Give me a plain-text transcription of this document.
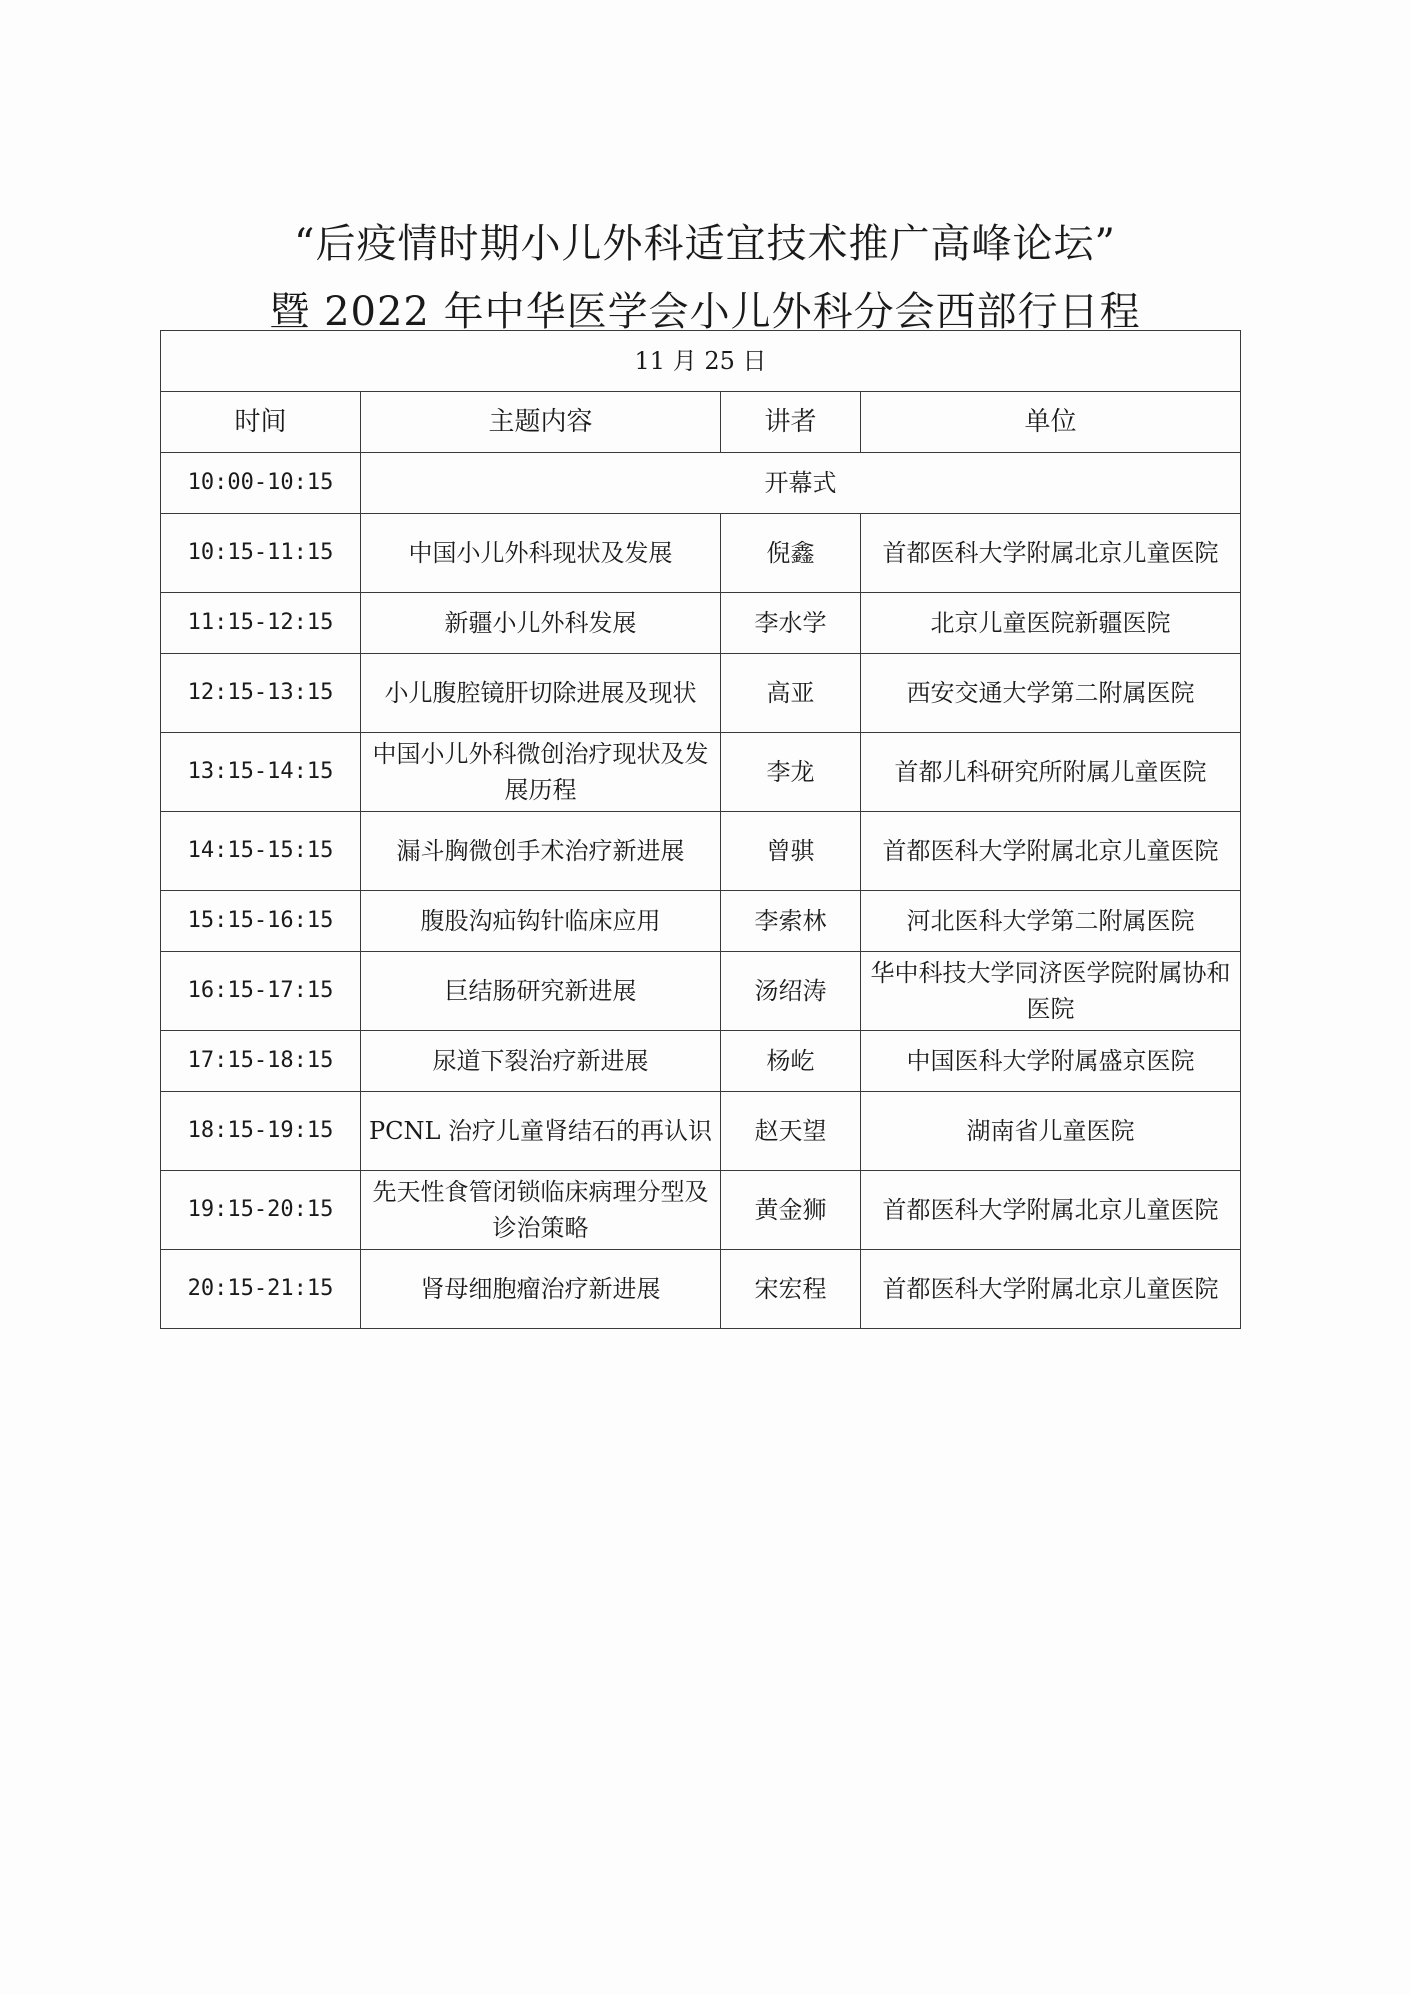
“后疫情时期小儿外科适宜技术推广高峰论坛”
暨 2022 年中华医学会小儿外科分会西部行日程
11 月 25 日			
时间	主题内容	讲者	单位
10:00-10:15	开幕式		
10:15-11:15	中国小儿外科现状及发展	倪鑫	首都医科大学附属北京儿童医院
11:15-12:15	新疆小儿外科发展	李水学	北京儿童医院新疆医院
12:15-13:15	小儿腹腔镜肝切除进展及现状	高亚	西安交通大学第二附属医院
13:15-14:15	中国小儿外科微创治疗现状及发展历程	李龙	首都儿科研究所附属儿童医院
14:15-15:15	漏斗胸微创手术治疗新进展	曾骐	首都医科大学附属北京儿童医院
15:15-16:15	腹股沟疝钩针临床应用	李索林	河北医科大学第二附属医院
16:15-17:15	巨结肠研究新进展	汤绍涛	华中科技大学同济医学院附属协和医院
17:15-18:15	尿道下裂治疗新进展	杨屹	中国医科大学附属盛京医院
18:15-19:15	PCNL 治疗儿童肾结石的再认识	赵天望	湖南省儿童医院
19:15-20:15	先天性食管闭锁临床病理分型及诊治策略	黄金狮	首都医科大学附属北京儿童医院
20:15-21:15	肾母细胞瘤治疗新进展	宋宏程	首都医科大学附属北京儿童医院
